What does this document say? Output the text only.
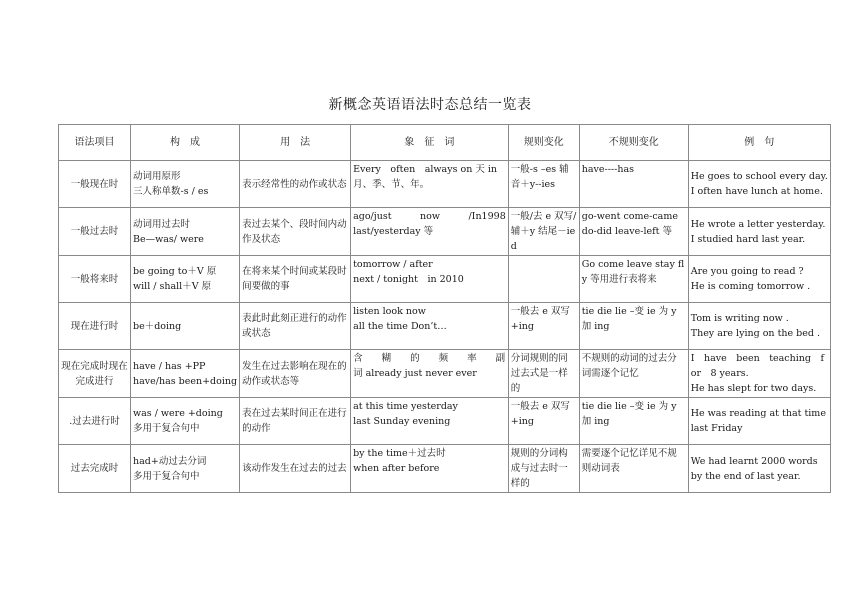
新概念英语语法时态总结一览表
语法项目	构　成	用　法	象　征　词	规则变化	不规则变化	例　句
一般现在时	动词用原形
三人称单数-s / es	表示经常性的动作或状态	Every　often　always on 天 in 月、季、节、年。	一般-s –es 辅音＋y--ies	have----has	He goes to school every day.
I often have lunch at home.

一般过去时	动词用过去时
Be—was/ were	表过去某个、段时间内动作及状态	ago/just　　　now　　　/In1998
last/yesterday 等	一般/去 e 双写/辅＋y 结尾－ied	go-went come-came do-did leave-left 等	He wrote a letter yesterday.
I studied hard last year.

一般将来时	be going to＋V 原
will / shall＋V 原	在将来某个时间或某段时间要做的事	tomorrow / after
next / tonight　in 2010		Go come leave stay fly 等用进行表将来	Are you going to read ?
He is coming tomorrow .

现在进行时	be＋doing	表此时此刻正进行的动作或状态	listen look now
all the time Don’t…	一般去 e 双写+ing	tie die lie –变 ie 为 y 加 ing	Tom is writing now .
They are lying on the bed .

现在完成时现在完成进行	have / has +PP
have/has been+doing	发生在过去影响在现在的动作或状态等	含　　糊　　的　　频　　率　　副词 already just never ever	分词规则的同过去式是一样的	不规则的动词的过去分词需逐个记忆	I　have　been　teaching　for　8 years.
He has slept for two days.

.过去进行时	was / were +doing
多用于复合句中	表在过去某时间正在进行的动作	at this time yesterday
last Sunday evening	一般去 e 双写+ing	tie die lie –变 ie 为 y 加 ing	He was reading at that time
last Friday

过去完成时	had+动过去分词
多用于复合句中	该动作发生在过去的过去	by the time＋过去时
when after before	规则的分词构成与过去时一样的	需要逐个记忆详见不规则动词表	We had learnt 2000 words
by the end of last year.
